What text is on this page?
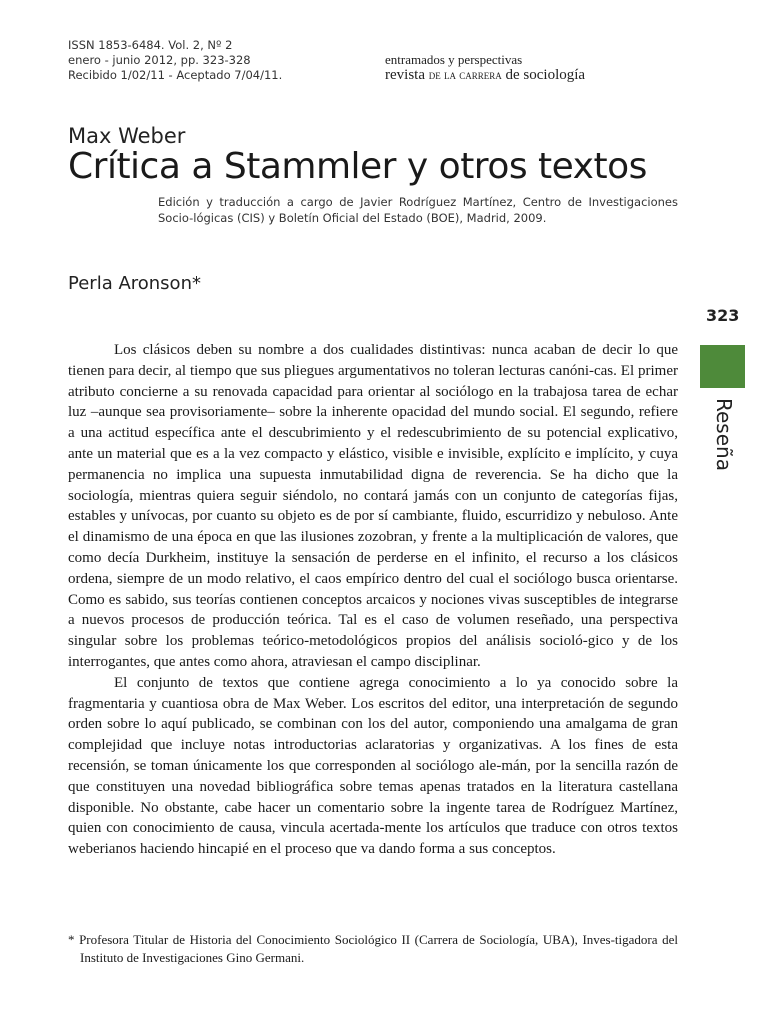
ISSN 1853-6484. Vol. 2, Nº 2
enero - junio 2012, pp. 323-328
Recibido 1/02/11 - Aceptado 7/04/11.
entramados y perspectivas
revista de la carrera de sociología
Max Weber
Crítica a Stammler y otros textos
Edición y traducción a cargo de Javier Rodríguez Martínez, Centro de Investigaciones Socio-lógicas (CIS) y Boletín Oficial del Estado (BOE), Madrid, 2009.
Perla Aronson*
323
Reseña

Los clásicos deben su nombre a dos cualidades distintivas: nunca acaban de decir lo que tienen para decir, al tiempo que sus pliegues argumentativos no toleran lecturas canóni-cas. El primer atributo concierne a su renovada capacidad para orientar al sociólogo en la trabajosa tarea de echar luz –aunque sea provisoriamente– sobre la inherente opacidad del mundo social. El segundo, refiere a una actitud específica ante el descubrimiento y el redescubrimiento de su potencial explicativo, ante un material que es a la vez compacto y elástico, visible e invisible, explícito e implícito, y cuya permanencia no implica una supuesta inmutabilidad digna de reverencia. Se ha dicho que la sociología, mientras quiera seguir siéndolo, no contará jamás con un conjunto de categorías fijas, estables y unívocas, por cuanto su objeto es de por sí cambiante, fluido, escurridizo y nebuloso. Ante el dinamismo de una época en que las ilusiones zozobran, y frente a la multiplicación de valores, que como decía Durkheim, instituye la sensación de perderse en el infinito, el recurso a los clásicos ordena, siempre de un modo relativo, el caos empírico dentro del cual el sociólogo busca orientarse. Como es sabido, sus teorías contienen conceptos arcaicos y nociones vivas susceptibles de integrarse a nuevos procesos de producción teórica. Tal es el caso de volumen reseñado, una perspectiva singular sobre los problemas teórico-metodológicos propios del análisis socioló-gico y de los interrogantes, que antes como ahora, atraviesan el campo disciplinar.

El conjunto de textos que contiene agrega conocimiento a lo ya conocido sobre la fragmentaria y cuantiosa obra de Max Weber. Los escritos del editor, una interpretación de segundo orden sobre lo aquí publicado, se combinan con los del autor, componiendo una amalgama de gran complejidad que incluye notas introductorias aclaratorias y organizativas. A los fines de esta recensión, se toman únicamente los que corresponden al sociólogo ale-mán, por la sencilla razón de que constituyen una novedad bibliográfica sobre temas apenas tratados en la literatura castellana disponible. No obstante, cabe hacer un comentario sobre la ingente tarea de Rodríguez Martínez, quien con conocimiento de causa, vincula acertada-mente los artículos que traduce con otros textos weberianos haciendo hincapié en el proceso que va dando forma a sus conceptos.

* Profesora Titular de Historia del Conocimiento Sociológico II (Carrera de Sociología, UBA), Inves-tigadora del Instituto de Investigaciones Gino Germani.
